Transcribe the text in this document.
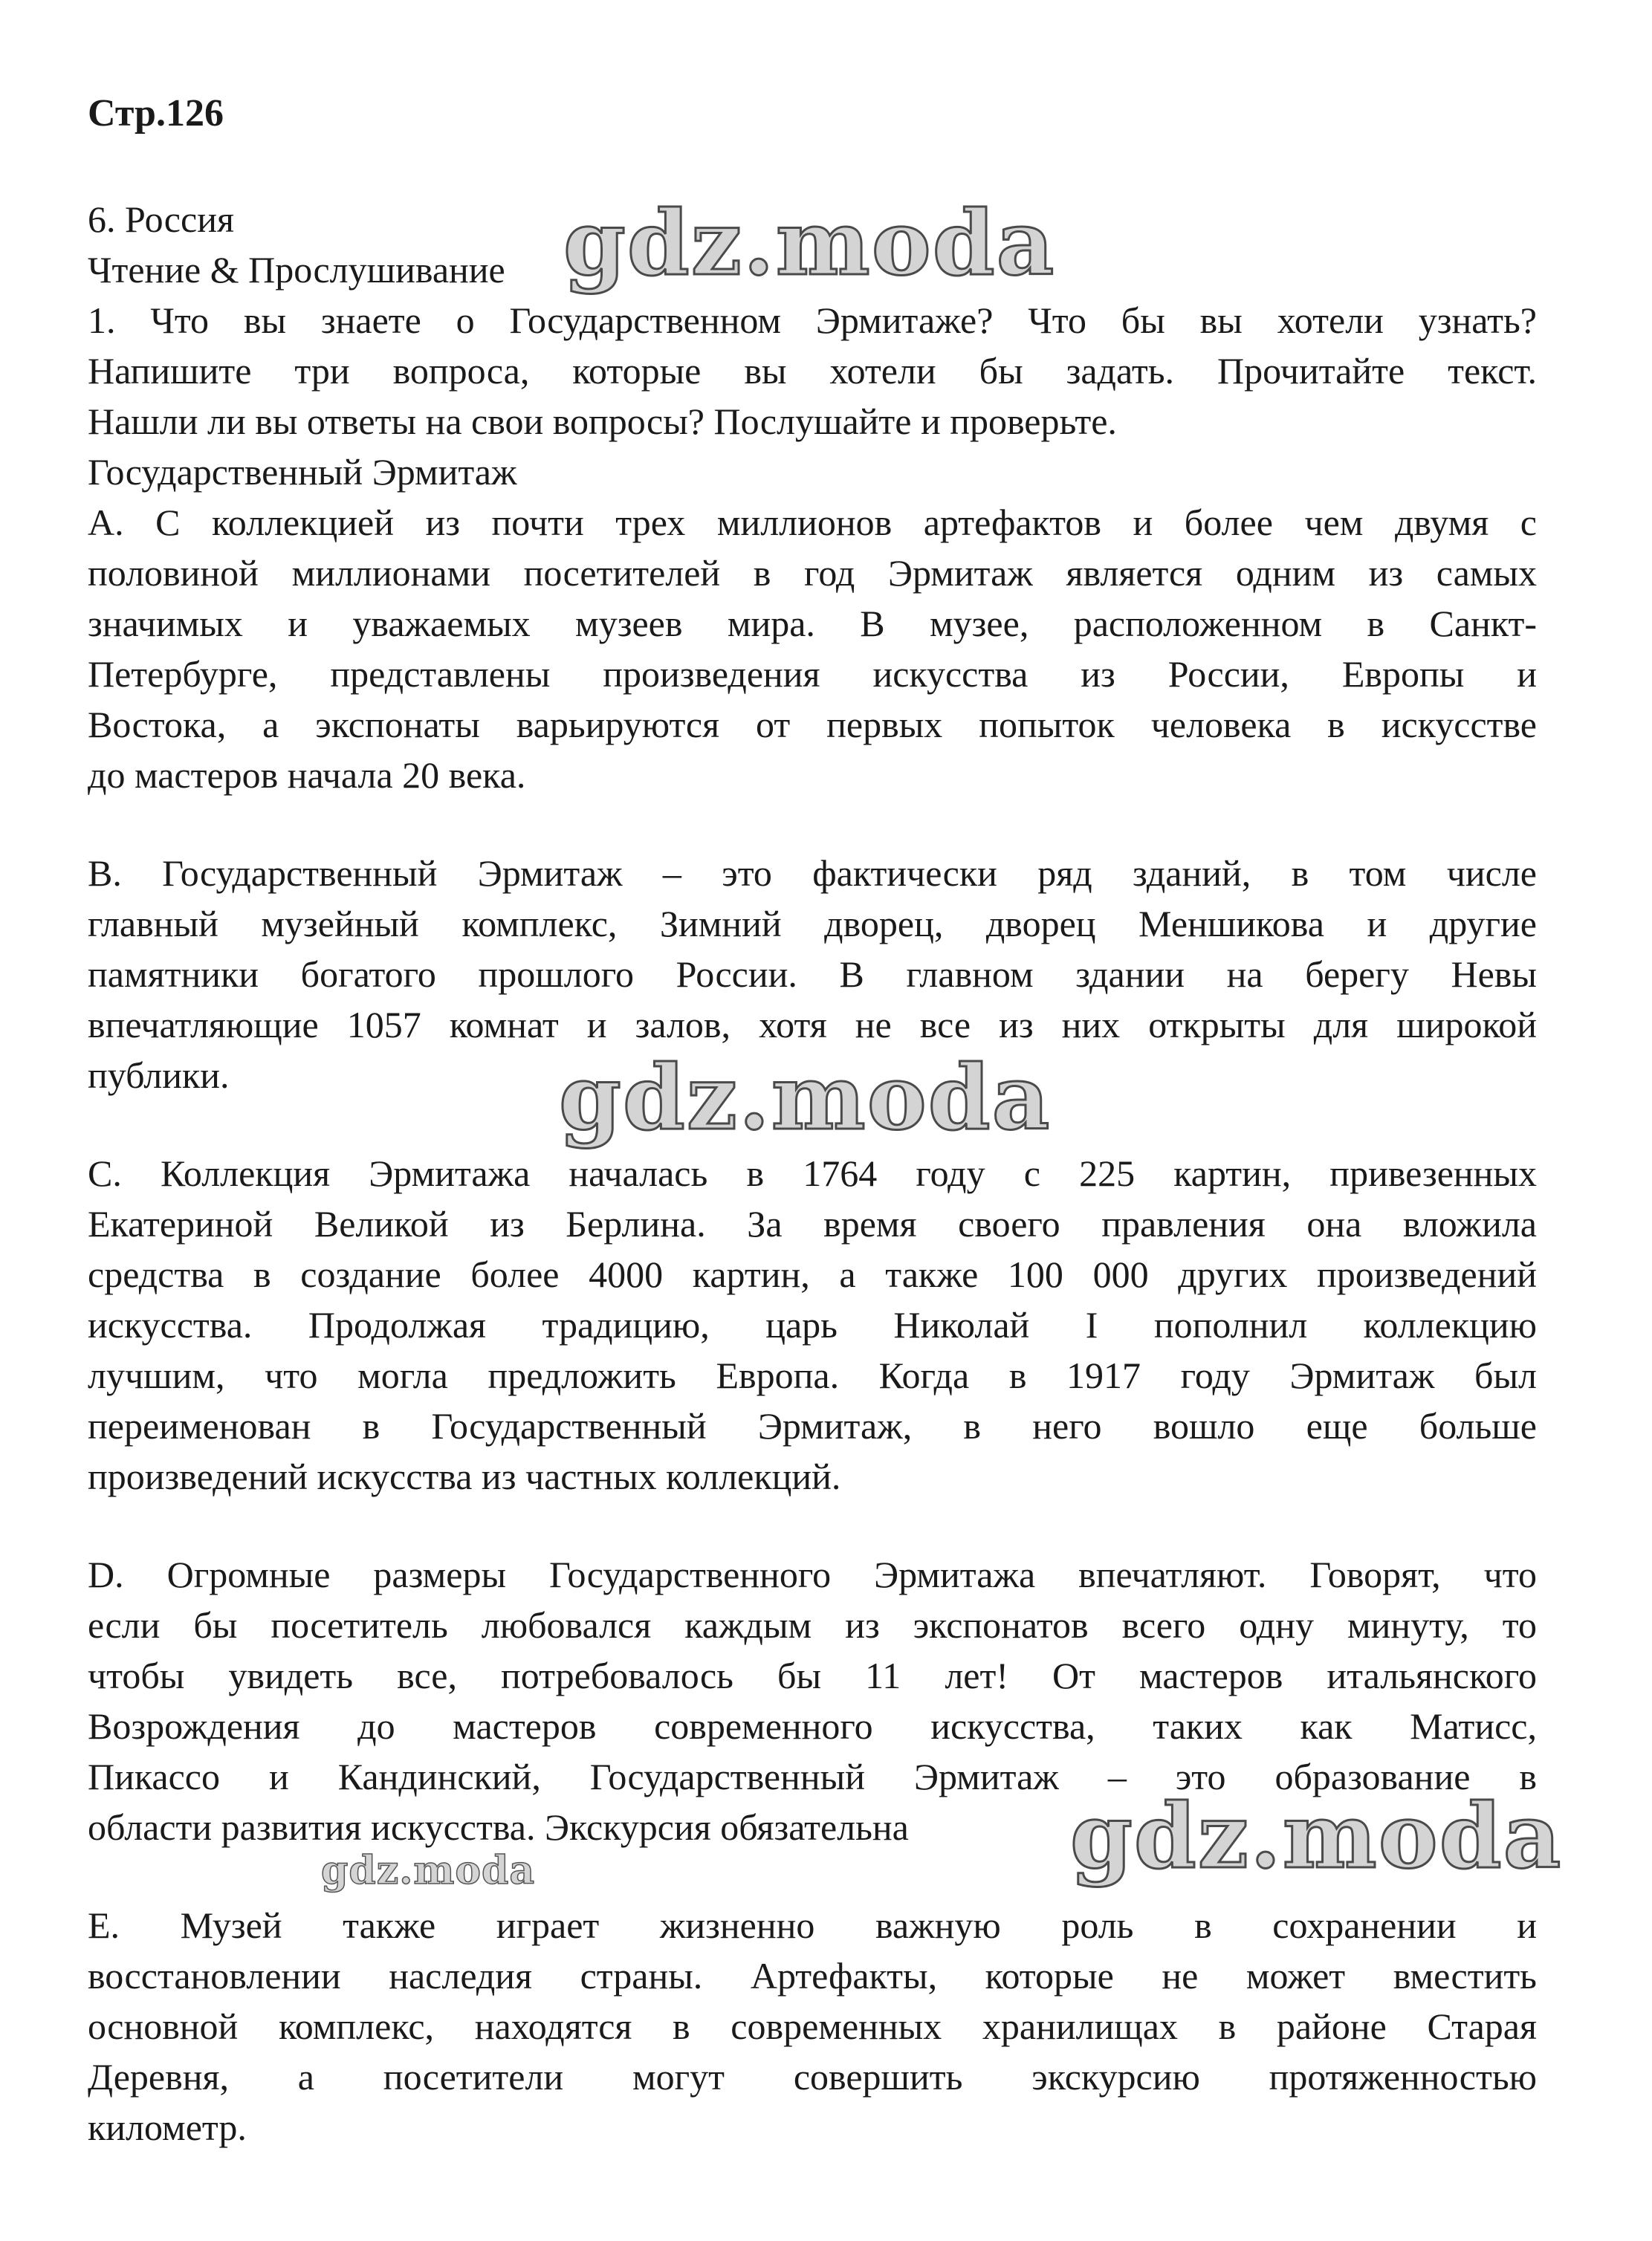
Стр.126

6. Россия

Чтение & Прослушивание

1. Что вы знаете о Государственном Эрмитаже? Что бы вы хотели узнать?

Напишите три вопроса, которые вы хотели бы задать. Прочитайте текст.

Нашли ли вы ответы на свои вопросы? Послушайте и проверьте.

Государственный Эрмитаж

А. С коллекцией из почти трех миллионов артефактов и более чем двумя с

половиной миллионами посетителей в год Эрмитаж является одним из самых

значимых и уважаемых музеев мира. В музее, расположенном в Санкт-

Петербурге, представлены произведения искусства из России, Европы и

Востока, а экспонаты варьируются от первых попыток человека в искусстве

до мастеров начала 20 века.

B. Государственный Эрмитаж – это фактически ряд зданий, в том числе

главный музейный комплекс, Зимний дворец, дворец Меншикова и другие

памятники богатого прошлого России. В главном здании на берегу Невы

впечатляющие 1057 комнат и залов, хотя не все из них открыты для широкой

публики.

C. Коллекция Эрмитажа началась в 1764 году с 225 картин, привезенных

Екатериной Великой из Берлина. За время своего правления она вложила

средства в создание более 4000 картин, а также 100 000 других произведений

искусства. Продолжая традицию, царь Николай I пополнил коллекцию

лучшим, что могла предложить Европа. Когда в 1917 году Эрмитаж был

переименован в Государственный Эрмитаж, в него вошло еще больше

произведений искусства из частных коллекций.

D. Огромные размеры Государственного Эрмитажа впечатляют. Говорят, что

если бы посетитель любовался каждым из экспонатов всего одну минуту, то

чтобы увидеть все, потребовалось бы 11 лет! От мастеров итальянского

Возрождения до мастеров современного искусства, таких как Матисс,

Пикассо и Кандинский, Государственный Эрмитаж – это образование в

области развития искусства. Экскурсия обязательна

E. Музей также играет жизненно важную роль в сохранении и

восстановлении наследия страны. Артефакты, которые не может вместить

основной комплекс, находятся в современных хранилищах в районе Старая

Деревня, а посетители могут совершить экскурсию протяженностью

километр.

gdz.moda
gdz.moda
gdz.moda
gdz.moda
